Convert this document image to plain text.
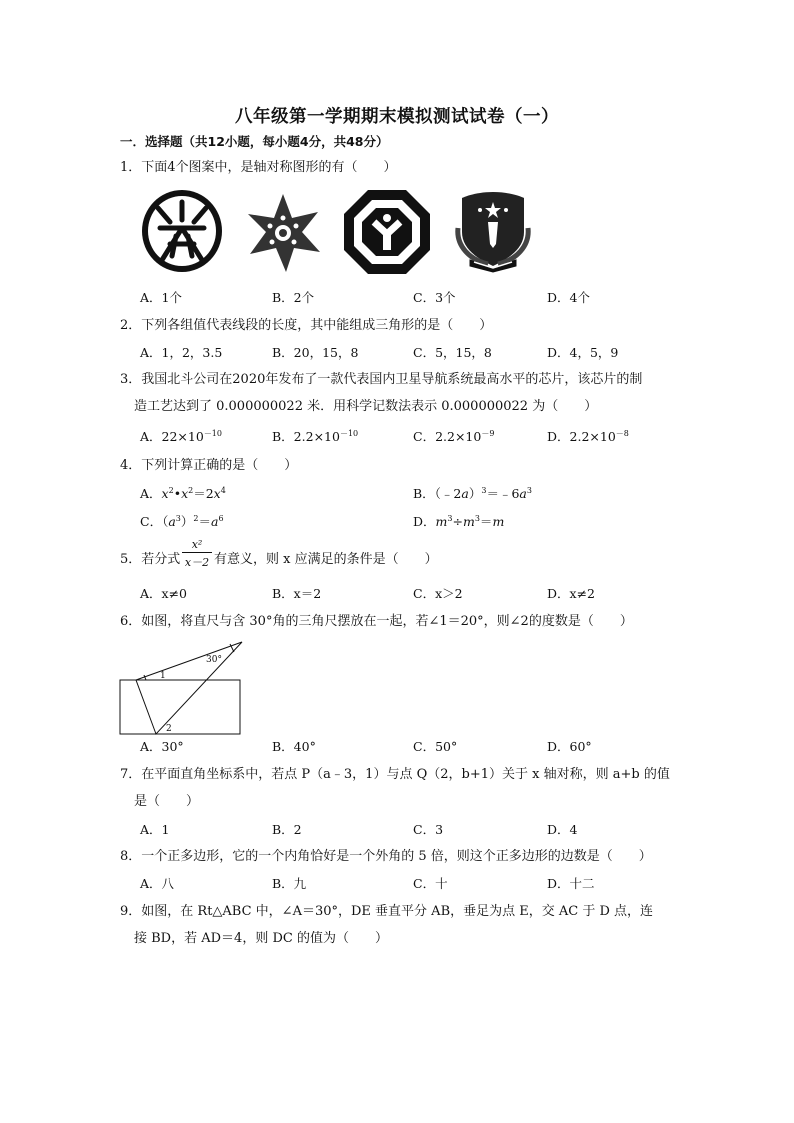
八年级第一学期期末模拟测试试卷（一）
一．选择题（共12小题，每小题4分，共48分）
1．下面4个图案中，是轴对称图形的有（　　）
A．1个	B．2个	C．3个	D．4个
2．下列各组值代表线段的长度，其中能组成三角形的是（　　）
A．1，2，3.5	B．20，15，8	C．5，15，8	D．4，5，9
3．我国北斗公司在2020年发布了一款代表国内卫星导航系统最高水平的芯片，该芯片的制
造工艺达到了 0.000000022 米．用科学记数法表示 0.000000022 为（　　）
A．$22\times 10^{-10}$	B．$2.2\times 10^{-10}$	C．$2.2\times 10^{-9}$	D．$2.2\times 10^{-8}$
4．下列计算正确的是（　　）
A．$x^2•x^2=2x^4$	B．$(﹣2a)^3=﹣6a^3$
C．$(a^3)^2=a^6$	D．$m^3\div m^3=m$
5．若分式
x²
x－2 有意义，则 x 应满足的条件是（　　）
A．x≠0	B．x＝2	C．x＞2	D．x≠2
6．如图，将直尺与含 30°角的三角尺摆放在一起，若∠1＝20°，则∠2的度数是（　　）
30°
1
2
A．30°	B．40°	C．50°	D．60°
7．在平面直角坐标系中，若点 P（a﹣3，1）与点 Q（2，b+1）关于 x 轴对称，则 a+b 的值
是（　　）
A．1	B．2	C．3	D．4
8．一个正多边形，它的一个内角恰好是一个外角的 5 倍，则这个正多边形的边数是（　　）
A．八	B．九	C．十	D．十二
9．如图，在 Rt△ABC 中，∠A＝30°，DE 垂直平分 AB，垂足为点 E，交 AC 于 D 点，连
接 BD，若 AD＝4，则 DC 的值为（　　）
